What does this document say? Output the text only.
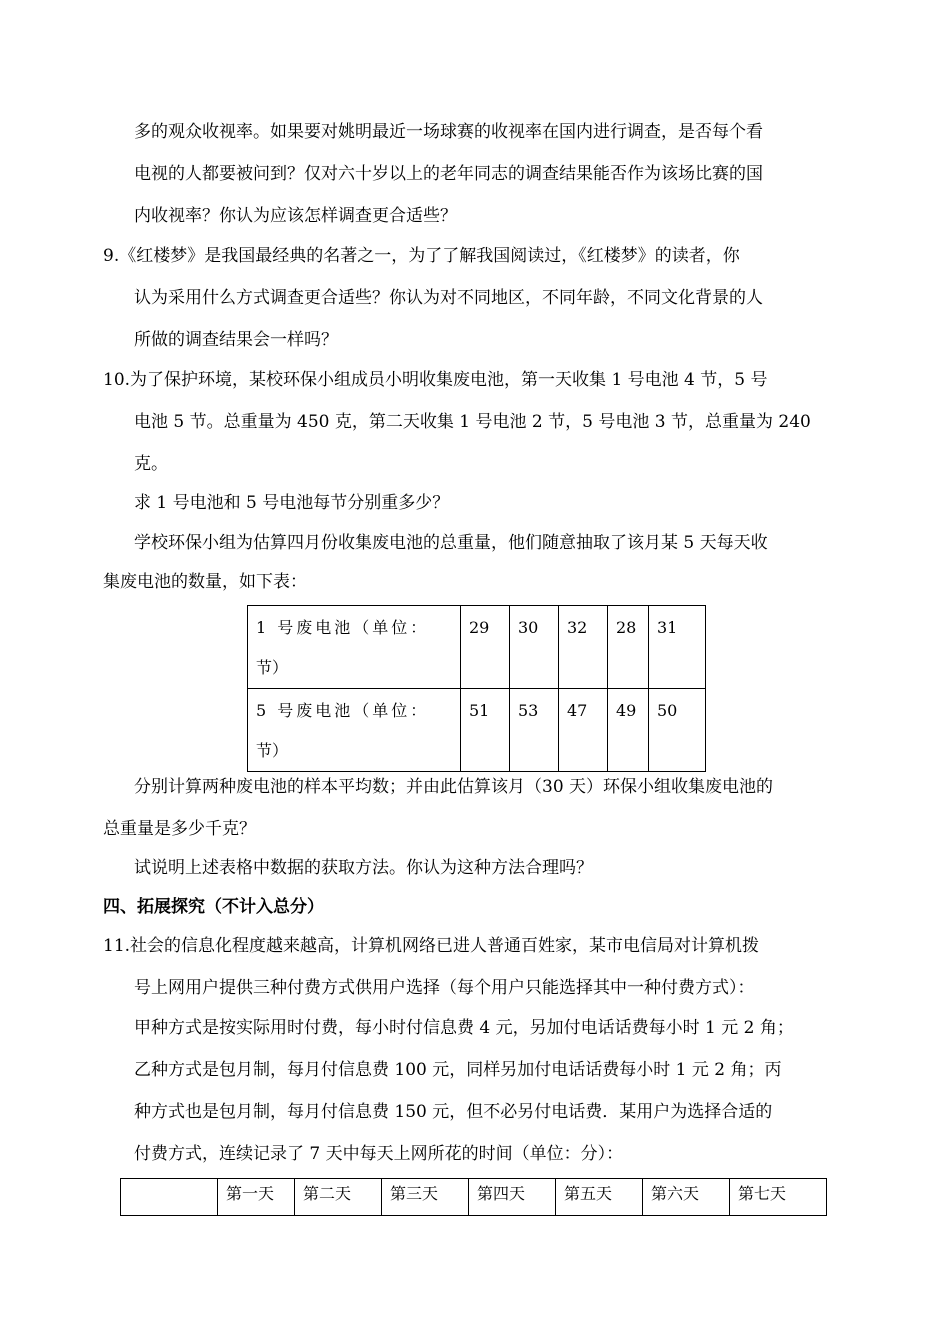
多的观众收视率。如果要对姚明最近一场球赛的收视率在国内进行调查，是否每个看
电视的人都要被问到？仅对六十岁以上的老年同志的调查结果能否作为该场比赛的国
内收视率？你认为应该怎样调查更合适些？
9.《红楼梦》是我国最经典的名著之一，为了了解我国阅读过，《红楼梦》的读者，你
认为采用什么方式调查更合适些？你认为对不同地区，不同年龄，不同文化背景的人
所做的调查结果会一样吗？
10.为了保护环境，某校环保小组成员小明收集废电池，第一天收集 1 号电池 4 节，5 号
电池 5 节。总重量为 450 克，第二天收集 1 号电池 2 节，5 号电池 3 节，总重量为 240
克。
求 1 号电池和 5 号电池每节分别重多少？
学校环保小组为估算四月份收集废电池的总重量，他们随意抽取了该月某 5 天每天收
集废电池的数量，如下表：
1 号废电池（单位：
节）	29	30	32	28	31

5 号废电池（单位：
节）	51	53	47	49	50
分别计算两种废电池的样本平均数；并由此估算该月（30 天）环保小组收集废电池的
总重量是多少千克？
试说明上述表格中数据的获取方法。你认为这种方法合理吗？
四、拓展探究（不计入总分）
11.社会的信息化程度越来越高，计算机网络已进人普通百姓家，某市电信局对计算机拨
号上网用户提供三种付费方式供用户选择（每个用户只能选择其中一种付费方式）：
甲种方式是按实际用时付费，每小时付信息费 4 元，另加付电话话费每小时 1 元 2 角；
乙种方式是包月制，每月付信息费 100 元，同样另加付电话话费每小时 1 元 2 角；丙
种方式也是包月制，每月付信息费 150 元，但不必另付电话费．某用户为选择合适的
付费方式，连续记录了 7 天中每天上网所花的时间（单位：分）：
	第一天	第二天	第三天	第四天	第五天	第六天	第七天
